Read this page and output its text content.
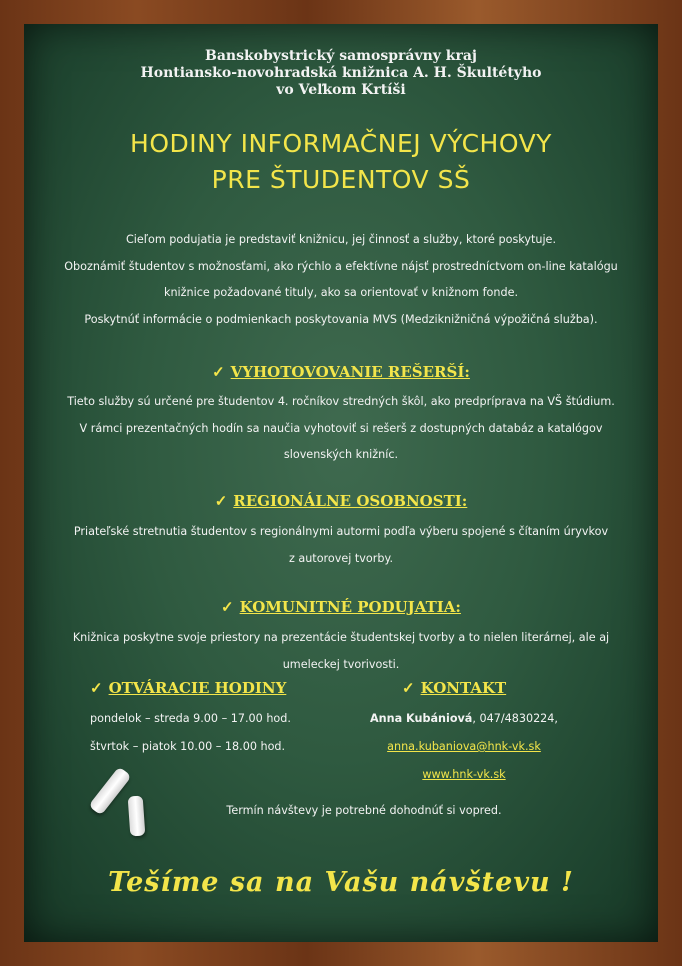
Banskobystrický samosprávny kraj
Hontiansko-novohradská knižnica A. H. Škultétyho
vo Veľkom Krtíši
HODINY INFORMAČNEJ VÝCHOVY
PRE ŠTUDENTOV SŠ
Cieľom podujatia je predstaviť knižnicu, jej činnosť a služby, ktoré poskytuje.
Oboznámiť študentov s možnosťami, ako rýchlo a efektívne nájsť prostredníctvom on-line katalógu
knižnice požadované tituly, ako sa orientovať v knižnom fonde.
Poskytnúť informácie o podmienkach poskytovania MVS (Medziknižničná výpožičná služba).
✓ VYHOTOVOVANIE REŠERŠÍ:
Tieto služby sú určené pre študentov 4. ročníkov stredných škôl, ako predpríprava na VŠ štúdium.
V rámci prezentačných hodín sa naučia vyhotoviť si rešerš z dostupných databáz a katalógov
slovenských knižníc.
✓ REGIONÁLNE OSOBNOSTI:
Priateľské stretnutia študentov s regionálnymi autormi podľa výberu spojené s čítaním úryvkov
z autorovej tvorby.
✓ KOMUNITNÉ PODUJATIA:
Knižnica poskytne svoje priestory na prezentácie študentskej tvorby a to nielen literárnej, ale aj
umeleckej tvorivosti.
✓ OTVÁRACIE HODINY
pondelok – streda 9.00 – 17.00 hod.
štvrtok – piatok 10.00 – 18.00 hod.
✓ KONTAKT
Anna Kubániová, 047/4830224,
anna.kubaniova@hnk-vk.sk
www.hnk-vk.sk
Termín návštevy je potrebné dohodnúť si vopred.
Tešíme sa na Vašu návštevu !
